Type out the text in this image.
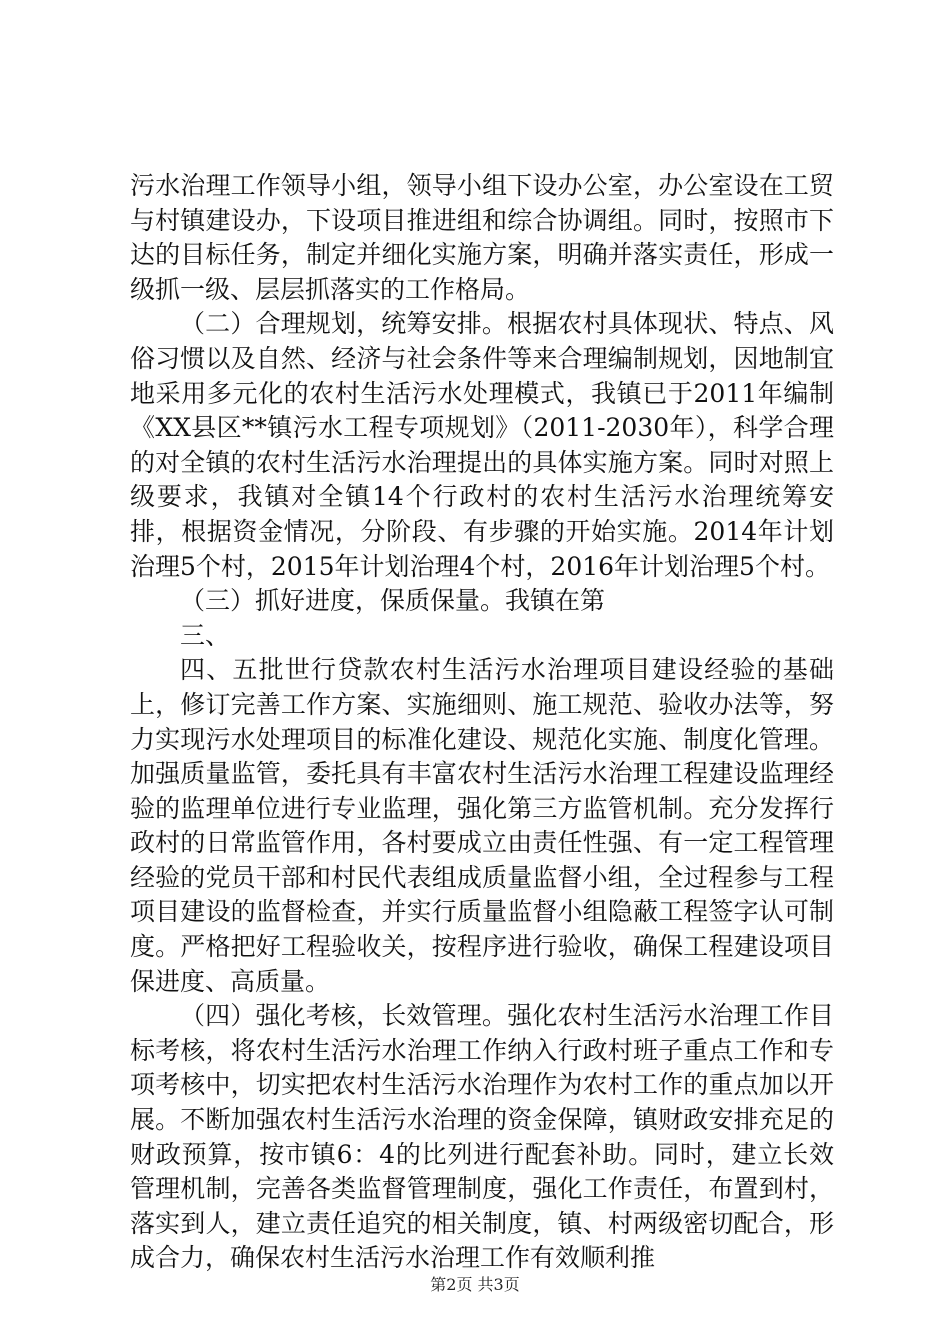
污水治理工作领导小组，领导小组下设办公室，办公室设在工贸与村镇建设办，下设项目推进组和综合协调组。同时，按照市下达的目标任务，制定并细化实施方案，明确并落实责任，形成一级抓一级、层层抓落实的工作格局。

（二）合理规划，统筹安排。根据农村具体现状、特点、风俗习惯以及自然、经济与社会条件等来合理编制规划，因地制宜地采用多元化的农村生活污水处理模式，我镇已于2011年编制《XX县区**镇污水工程专项规划》（2011-2030年），科学合理的对全镇的农村生活污水治理提出的具体实施方案。同时对照上级要求，我镇对全镇14个行政村的农村生活污水治理统筹安排，根据资金情况，分阶段、有步骤的开始实施。2014年计划治理5个村，2015年计划治理4个村，2016年计划治理5个村。

（三）抓好进度，保质保量。我镇在第

三、

四、五批世行贷款农村生活污水治理项目建设经验的基础上，修订完善工作方案、实施细则、施工规范、验收办法等，努力实现污水处理项目的标准化建设、规范化实施、制度化管理。加强质量监管，委托具有丰富农村生活污水治理工程建设监理经验的监理单位进行专业监理，强化第三方监管机制。充分发挥行政村的日常监管作用，各村要成立由责任性强、有一定工程管理经验的党员干部和村民代表组成质量监督小组，全过程参与工程项目建设的监督检查，并实行质量监督小组隐蔽工程签字认可制度。严格把好工程验收关，按程序进行验收，确保工程建设项目保进度、高质量。

（四）强化考核，长效管理。强化农村生活污水治理工作目标考核，将农村生活污水治理工作纳入行政村班子重点工作和专项考核中，切实把农村生活污水治理作为农村工作的重点加以开展。不断加强农村生活污水治理的资金保障，镇财政安排充足的财政预算，按市镇6：4的比列进行配套补助。同时，建立长效管理机制，完善各类监督管理制度，强化工作责任，布置到村，落实到人，建立责任追究的相关制度，镇、村两级密切配合，形成合力，确保农村生活污水治理工作有效顺利推

第2页 共3页
